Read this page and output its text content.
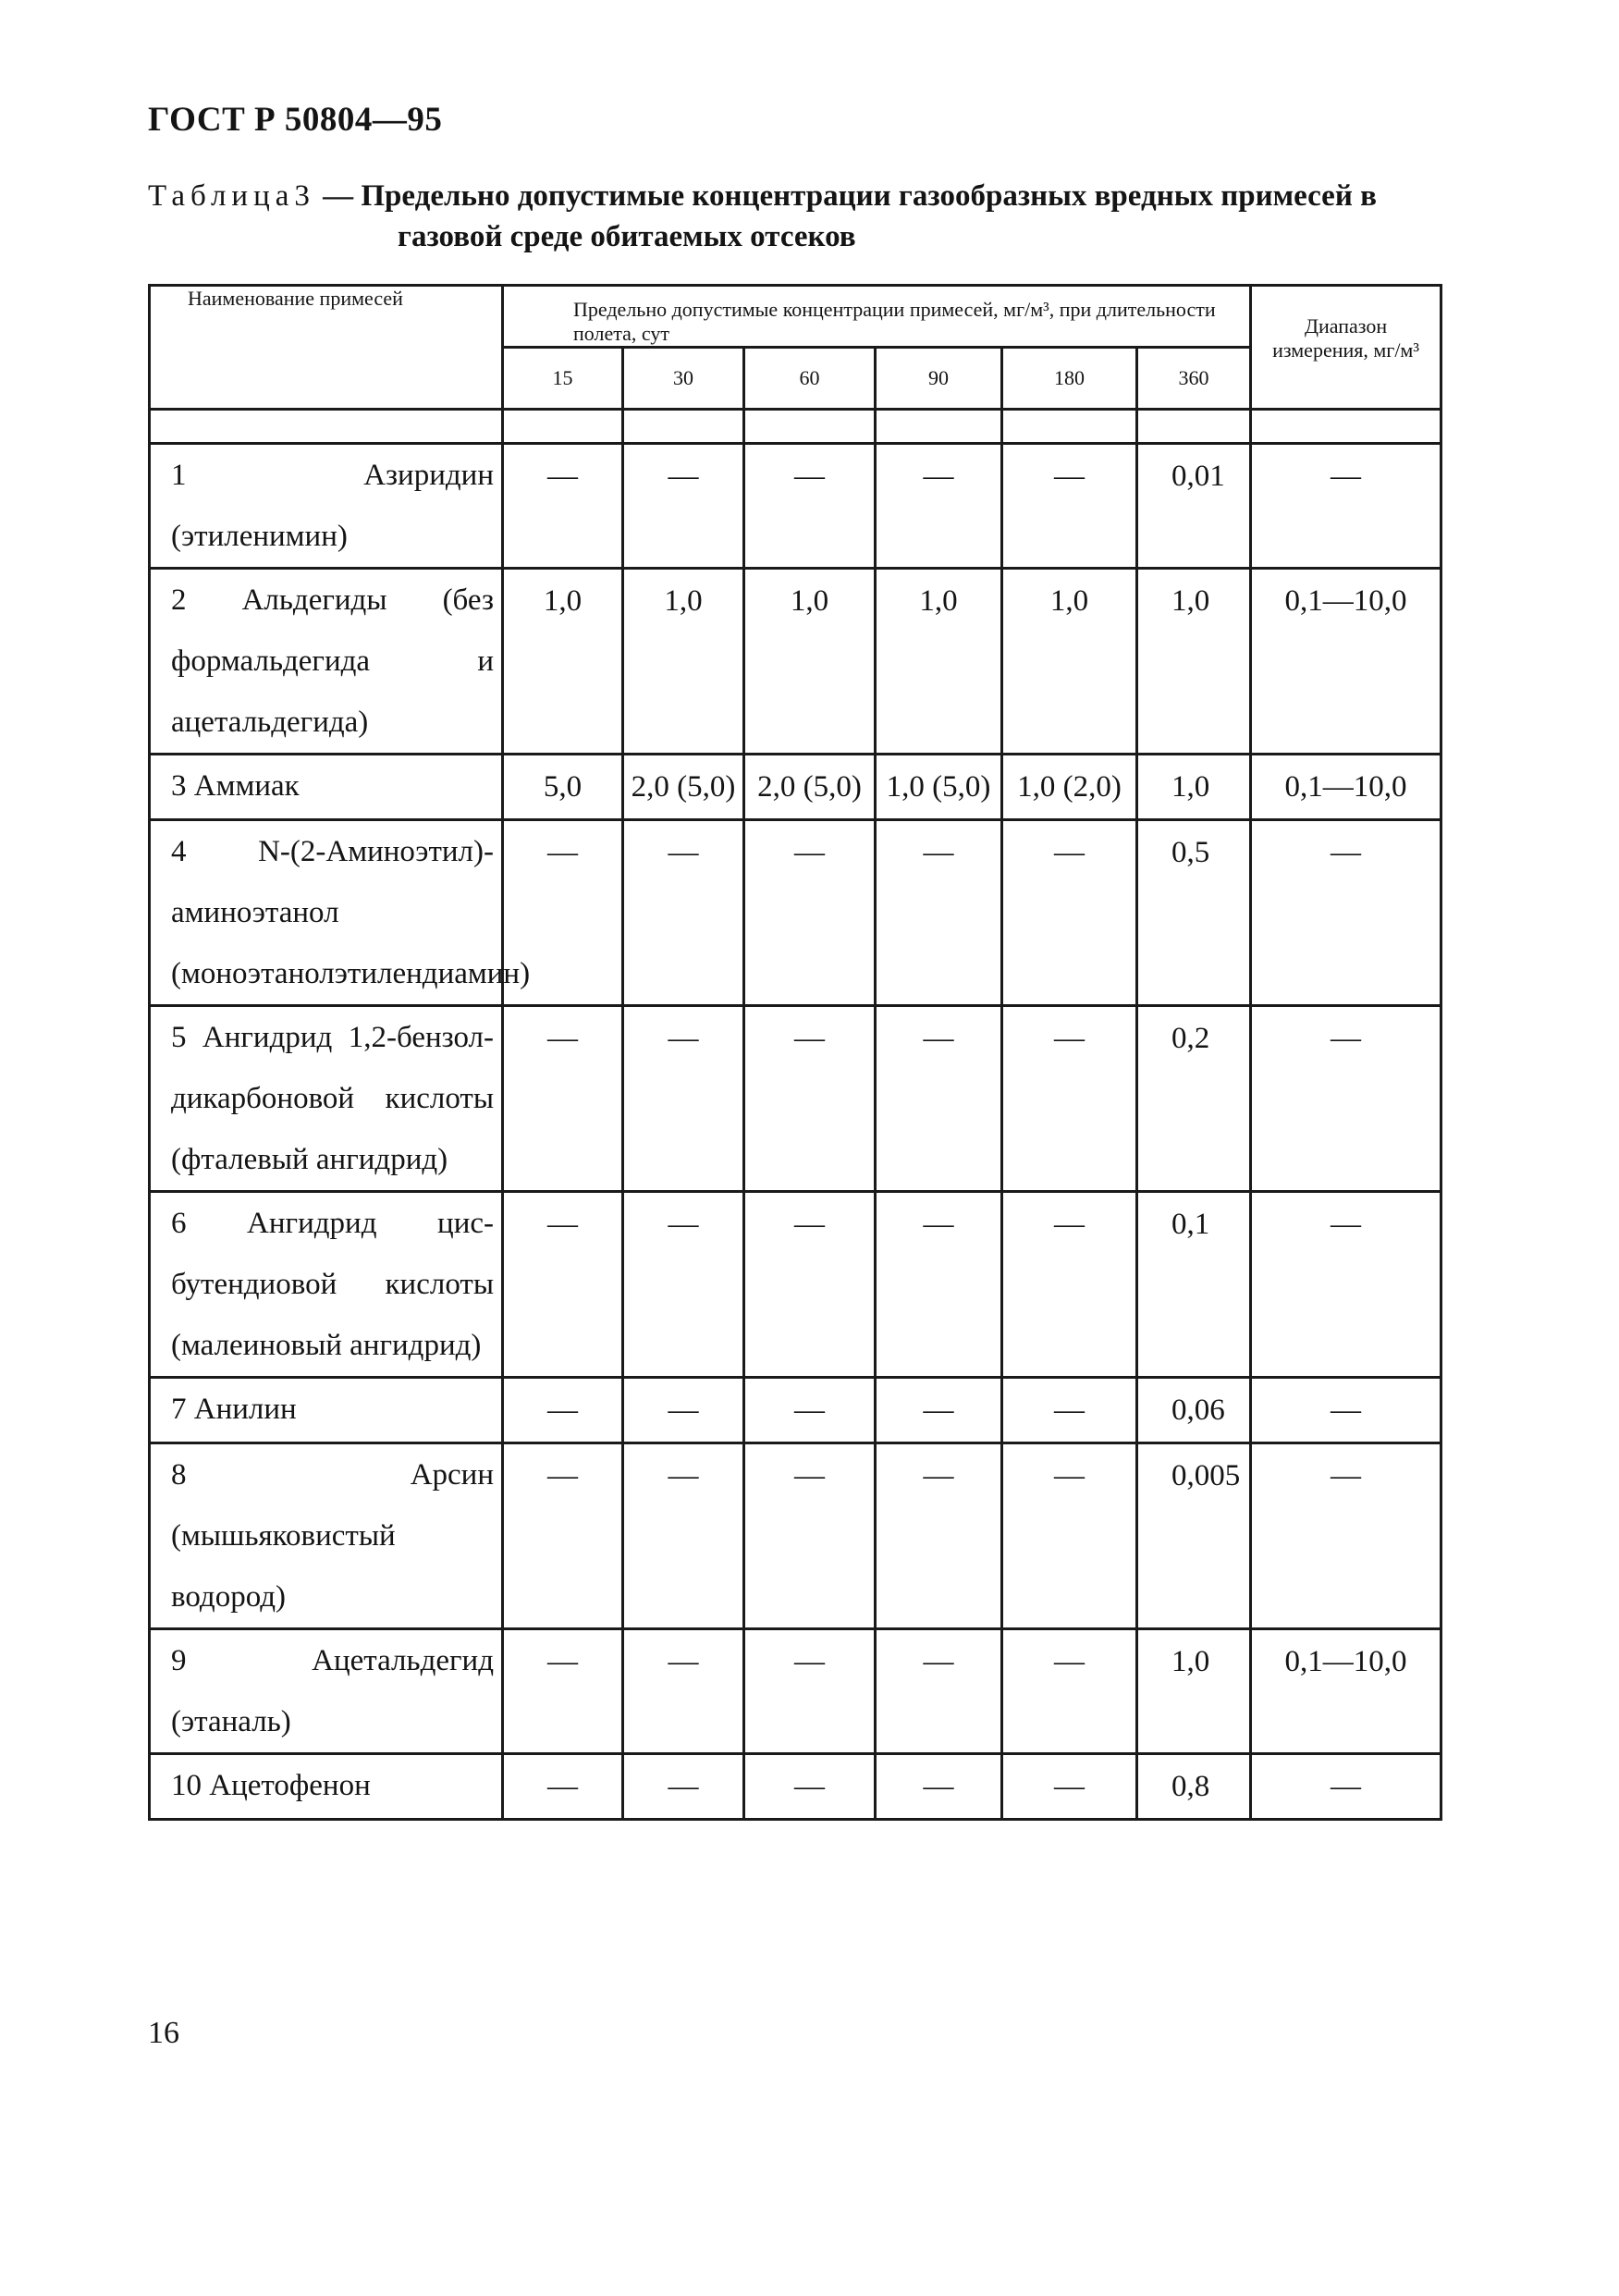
ГОСТ Р 50804—95
Таблица3 — Предельно допустимые концентрации газообразных вредных примесей в
газовой среде обитаемых отсеков
Наименование примесей	Предельно допустимые концентрации примесей, мг/м³, при длительности полета, сут						Диапазон измерения, мг/м³
	15	30	60	90	180	360	

1 Азиридин (этиленимин)	—	—	—	—	—	0,01	—
2 Альдегиды (без формальдегида и ацетальдегида)	1,0	1,0	1,0	1,0	1,0	1,0	0,1—10,0
3 Аммиак	5,0	2,0 (5,0)	2,0 (5,0)	1,0 (5,0)	1,0 (2,0)	1,0	0,1—10,0
4 N-(2-Аминоэтил)-аминоэтанол (моноэтанолэтилендиамин)	—	—	—	—	—	0,5	—
5 Ангидрид 1,2-бензол-дикарбоновой кислоты (фталевый ангидрид)	—	—	—	—	—	0,2	—
6 Ангидрид цис-бутендиовой кислоты (малеиновый ангидрид)	—	—	—	—	—	0,1	—
7 Анилин	—	—	—	—	—	0,06	—
8 Арсин (мышьяковистый водород)	—	—	—	—	—	0,005	—
9 Ацетальдегид (этаналь)	—	—	—	—	—	1,0	0,1—10,0
10 Ацетофенон	—	—	—	—	—	0,8	—
16
